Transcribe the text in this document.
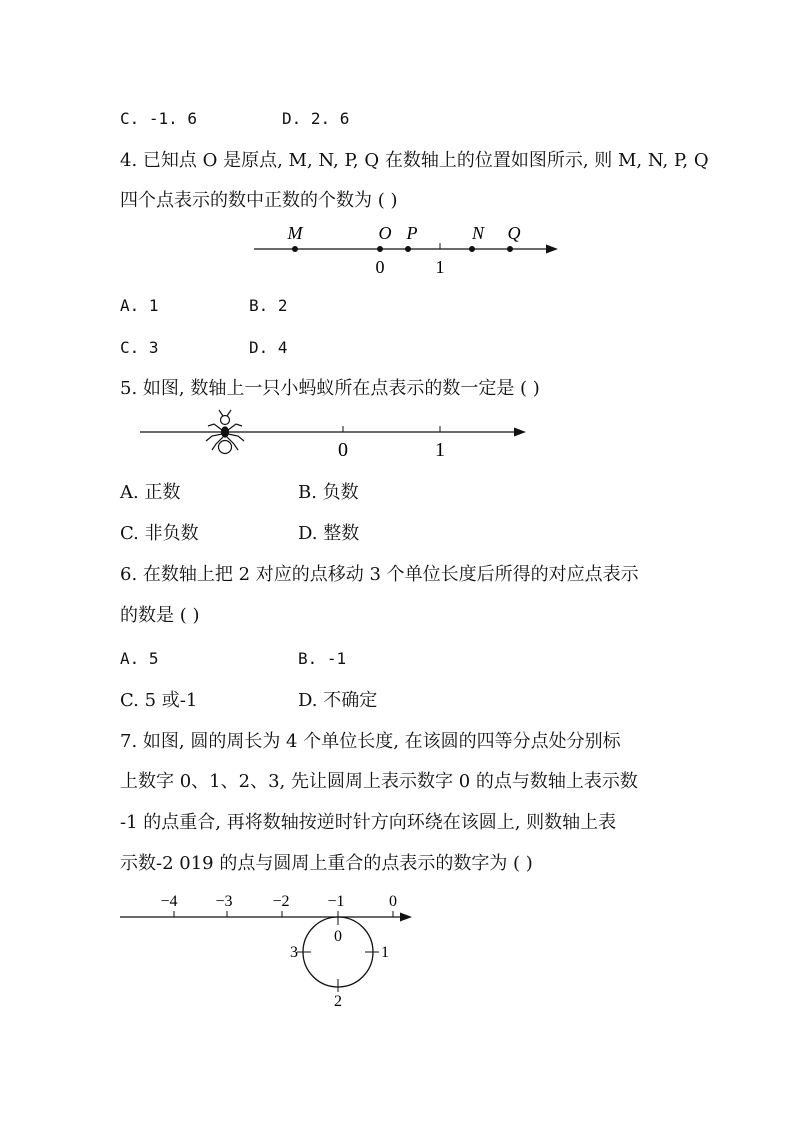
C. -1. 6	D. 2. 6
4. 已知点 O 是原点, M, N, P, Q 在数轴上的位置如图所示, 则 M, N, P, Q
四个点表示的数中正数的个数为 ( )
M	O P	N Q
0	1
A. 1	B. 2
C. 3	D. 4
5. 如图, 数轴上一只小蚂蚁所在点表示的数一定是 ( )
0	1
A. 正数	B. 负数
C. 非负数	D. 整数
6. 在数轴上把 2 对应的点移动 3 个单位长度后所得的对应点表示
的数是 ( )
A. 5	B. -1
C. 5 或-1	D. 不确定
7. 如图, 圆的周长为 4 个单位长度, 在该圆的四等分点处分别标
上数字 0、1、2、3, 先让圆周上表示数字 0 的点与数轴上表示数
-1 的点重合, 再将数轴按逆时针方向环绕在该圆上, 则数轴上表
示数-2 019 的点与圆周上重合的点表示的数字为 ( )
−4 −3 −2 −1	0
0
1
2
3
